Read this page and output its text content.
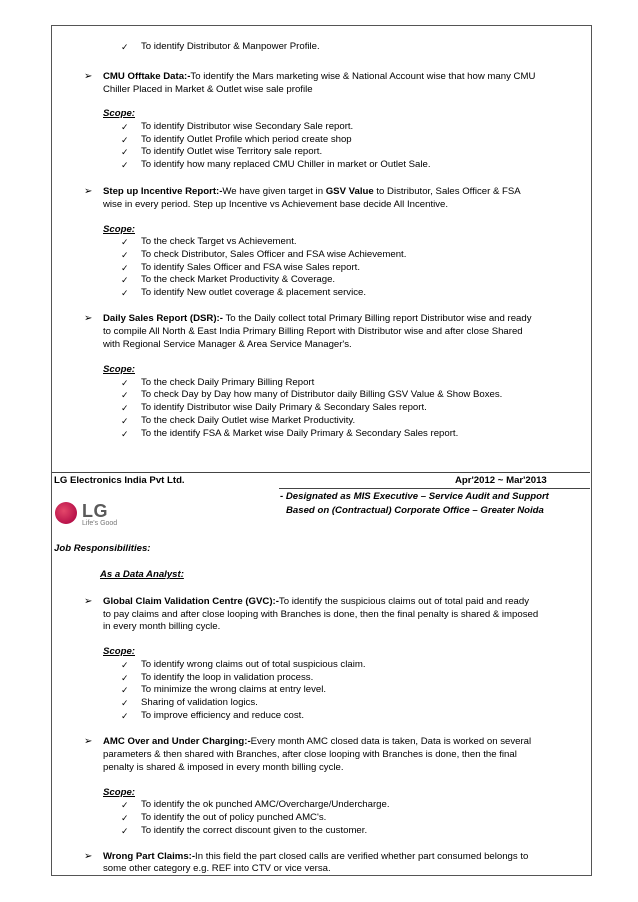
✓ To identify Distributor & Manpower Profile.
➢ CMU Offtake Data:-To identify the Mars marketing wise & National Account wise that how many CMU
Chiller Placed in Market & Outlet wise sale profile
Scope:
✓ To identify Distributor wise Secondary Sale report.
✓ To identify Outlet Profile which period create shop
✓ To identify Outlet wise Territory sale report.
✓ To identify how many replaced CMU Chiller in market or Outlet Sale.
➢ Step up Incentive Report:-We have given target in GSV Value to Distributor, Sales Officer & FSA
wise in every period. Step up Incentive vs Achievement base decide All Incentive.
Scope:
✓ To the check Target vs Achievement.
✓ To check Distributor, Sales Officer and FSA wise Achievement.
✓ To identify Sales Officer and FSA wise Sales report.
✓ To the check Market Productivity & Coverage.
✓ To identify New outlet coverage & placement service.
➢ Daily Sales Report (DSR):- To the Daily collect total Primary Billing report Distributor wise and ready
to compile All North & East India Primary Billing Report with Distributor wise and after close Shared
with Regional Service Manager & Area Service Manager's.
Scope:
✓ To the check Daily Primary Billing Report
✓ To check Day by Day how many of Distributor daily Billing GSV Value & Show Boxes.
✓ To identify Distributor wise Daily Primary & Secondary Sales report.
✓ To the check Daily Outlet wise Market Productivity.
✓ To the identify FSA & Market wise Daily Primary & Secondary Sales report.
LG Electronics India Pvt Ltd.	Apr'2012 ~ Mar'2013
- Designated as MIS Executive – Service Audit and Support
Based on (Contractual) Corporate Office – Greater Noida
LG
Life's Good
Job Responsibilities:
As a Data Analyst:
➢ Global Claim Validation Centre (GVC):-To identify the suspicious claims out of total paid and ready
to pay claims and after close looping with Branches is done, then the final penalty is shared & imposed
in every month billing cycle.
Scope:
✓ To identify wrong claims out of total suspicious claim.
✓ To identify the loop in validation process.
✓ To minimize the wrong claims at entry level.
✓ Sharing of validation logics.
✓ To improve efficiency and reduce cost.
➢ AMC Over and Under Charging:-Every month AMC closed data is taken, Data is worked on several
parameters & then shared with Branches, after close looping with Branches is done, then the final
penalty is shared & imposed in every month billing cycle.
Scope:
✓ To identify the ok punched AMC/Overcharge/Undercharge.
✓ To identify the out of policy punched AMC's.
✓ To identify the correct discount given to the customer.
➢ Wrong Part Claims:-In this field the part closed calls are verified whether part consumed belongs to
some other category e.g. REF into CTV or vice versa.
